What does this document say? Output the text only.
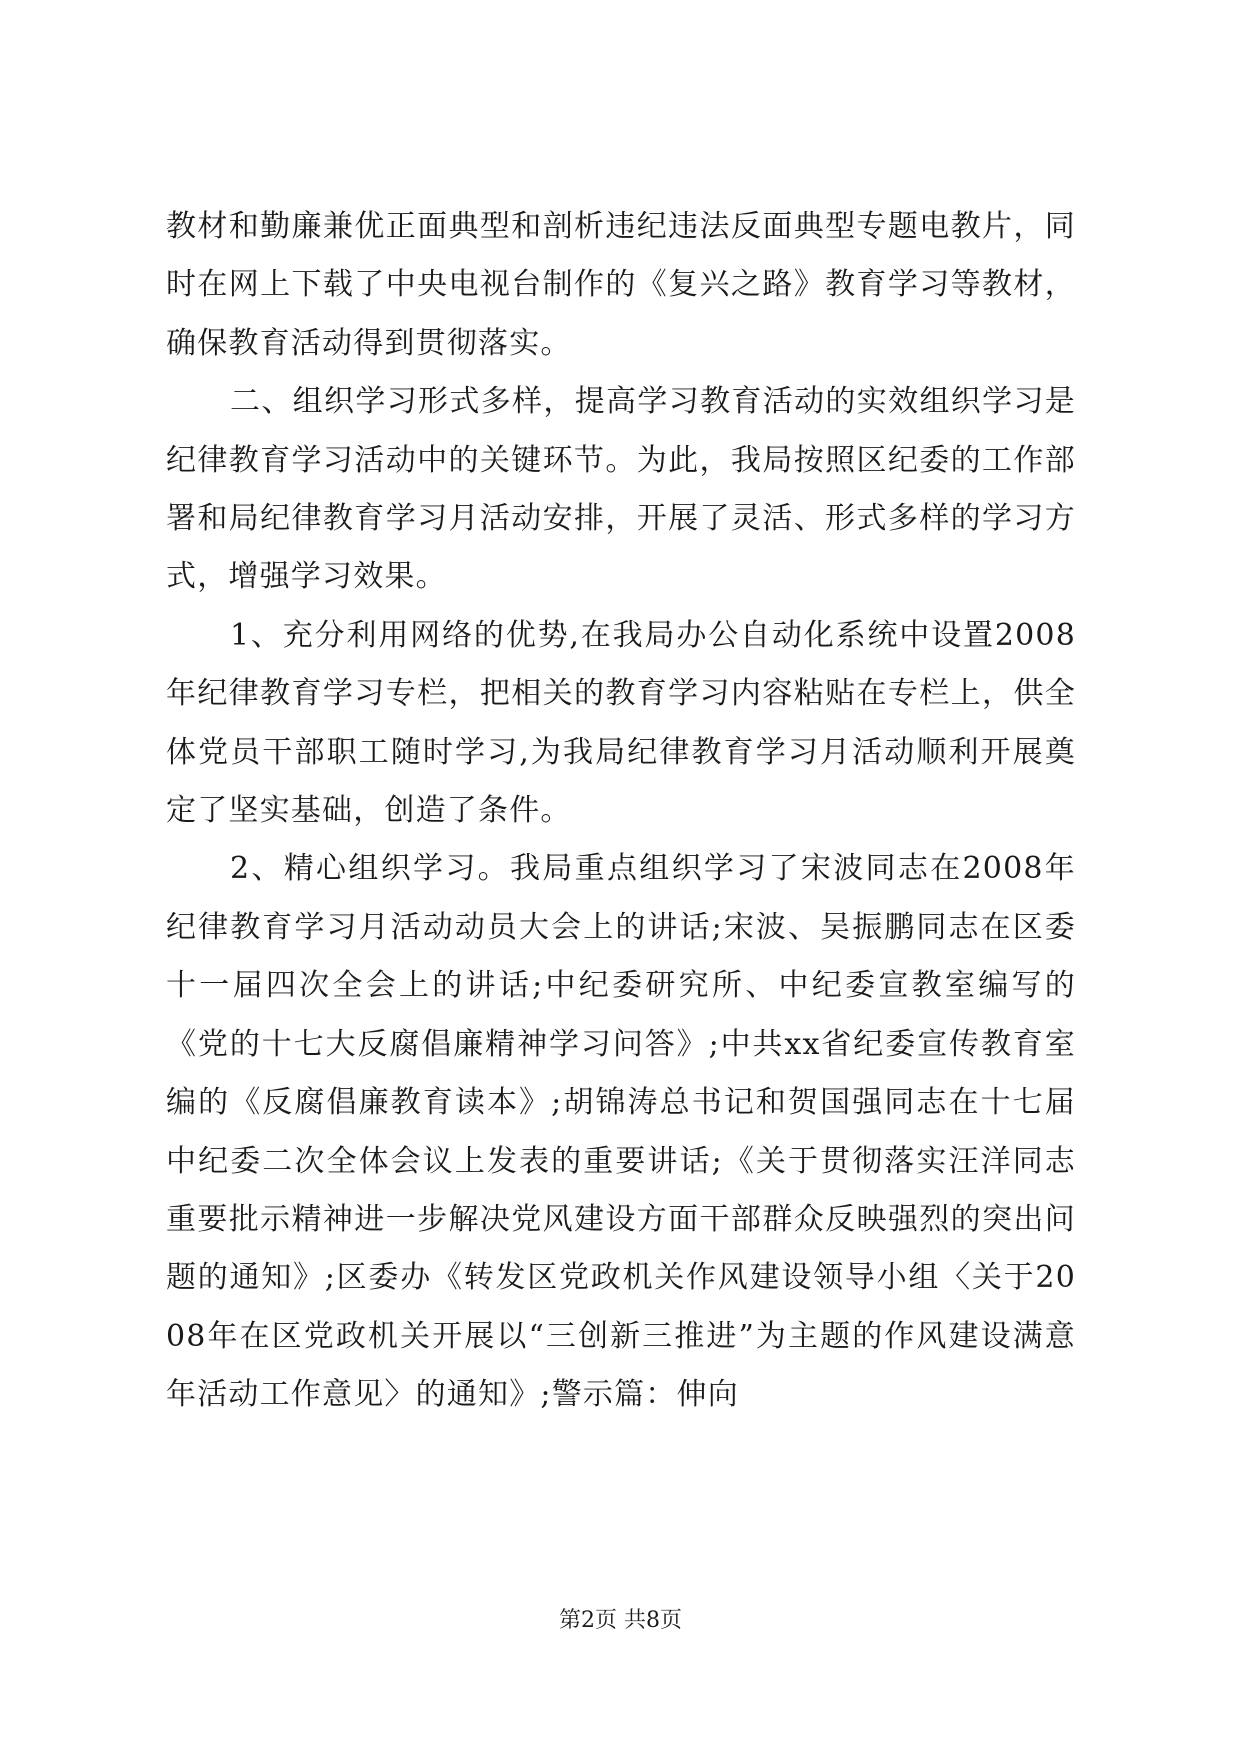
教材和勤廉兼优正面典型和剖析违纪违法反面典型专题电教片，同时在网上下载了中央电视台制作的《复兴之路》教育学习等教材，确保教育活动得到贯彻落实。

二、组织学习形式多样，提高学习教育活动的实效组织学习是纪律教育学习活动中的关键环节。为此，我局按照区纪委的工作部署和局纪律教育学习月活动安排，开展了灵活、形式多样的学习方式，增强学习效果。

1、充分利用网络的优势,在我局办公自动化系统中设置2008年纪律教育学习专栏，把相关的教育学习内容粘贴在专栏上，供全体党员干部职工随时学习,为我局纪律教育学习月活动顺利开展奠定了坚实基础，创造了条件。

2、精心组织学习。我局重点组织学习了宋波同志在2008年纪律教育学习月活动动员大会上的讲话;宋波、吴振鹏同志在区委十一届四次全会上的讲话;中纪委研究所、中纪委宣教室编写的《党的十七大反腐倡廉精神学习问答》;中共xx省纪委宣传教育室编的《反腐倡廉教育读本》;胡锦涛总书记和贺国强同志在十七届中纪委二次全体会议上发表的重要讲话;《关于贯彻落实汪洋同志重要批示精神进一步解决党风建设方面干部群众反映强烈的突出问题的通知》;区委办《转发区党政机关作风建设领导小组〈关于2008年在区党政机关开展以“三创新三推进”为主题的作风建设满意年活动工作意见〉的通知》;警示篇：伸向

第2页 共8页
